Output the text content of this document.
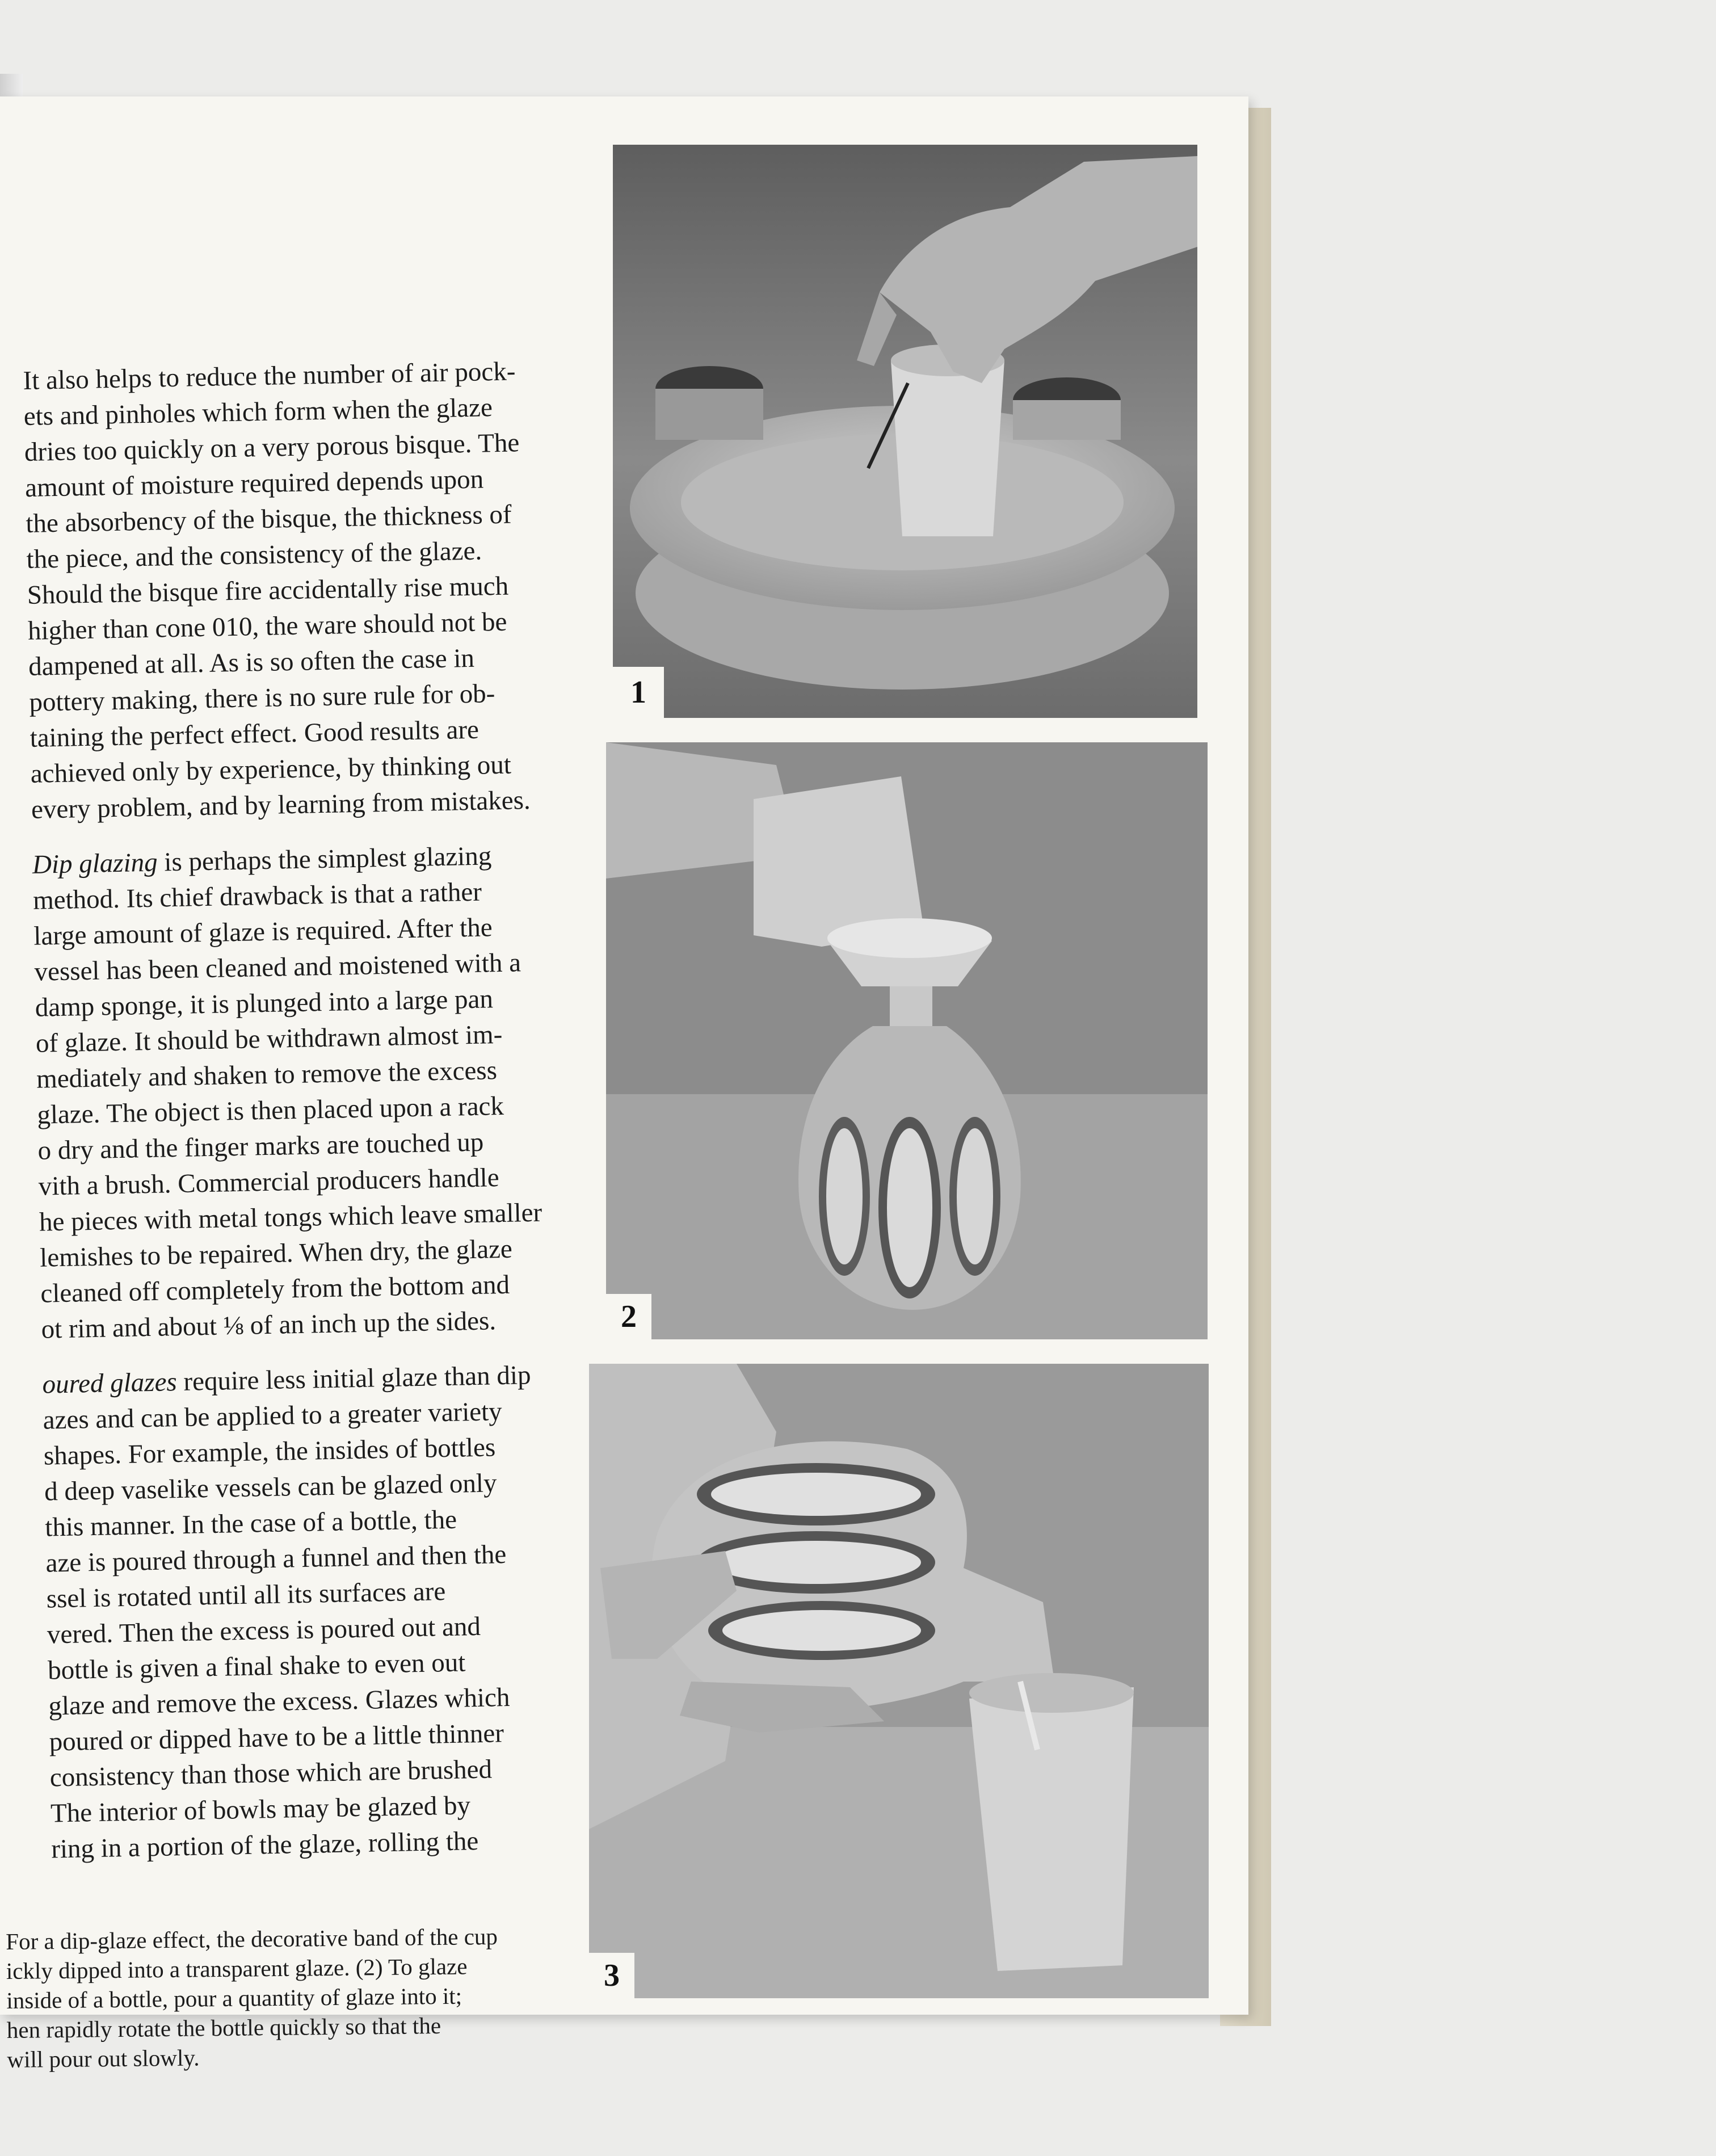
It also helps to reduce the number of air pock-
ets and pinholes which form when the glaze
dries too quickly on a very porous bisque. The
amount of moisture required depends upon
the absorbency of the bisque, the thickness of
the piece, and the consistency of the glaze.
Should the bisque fire accidentally rise much
higher than cone 010, the ware should not be
dampened at all. As is so often the case in
pottery making, there is no sure rule for ob-
taining the perfect effect. Good results are
achieved only by experience, by thinking out
every problem, and by learning from mistakes.
Dip glazing is perhaps the simplest glazing
method. Its chief drawback is that a rather
large amount of glaze is required. After the
vessel has been cleaned and moistened with a
damp sponge, it is plunged into a large pan
of glaze. It should be withdrawn almost im-
mediately and shaken to remove the excess
glaze. The object is then placed upon a rack
o dry and the finger marks are touched up
vith a brush. Commercial producers handle
he pieces with metal tongs which leave smaller
lemishes to be repaired. When dry, the glaze
cleaned off completely from the bottom and
ot rim and about ⅛ of an inch up the sides.
oured glazes require less initial glaze than dip
azes and can be applied to a greater variety
shapes. For example, the insides of bottles
d deep vaselike vessels can be glazed only
this manner. In the case of a bottle, the
aze is poured through a funnel and then the
ssel is rotated until all its surfaces are
vered. Then the excess is poured out and
bottle is given a final shake to even out
glaze and remove the excess. Glazes which
poured or dipped have to be a little thinner
consistency than those which are brushed
The interior of bowls may be glazed by
ring in a portion of the glaze, rolling the
For a dip-glaze effect, the decorative band of the cup
ickly dipped into a transparent glaze. (2) To glaze
inside of a bottle, pour a quantity of glaze into it;
hen rapidly rotate the bottle quickly so that the
will pour out slowly.
1
2
3
